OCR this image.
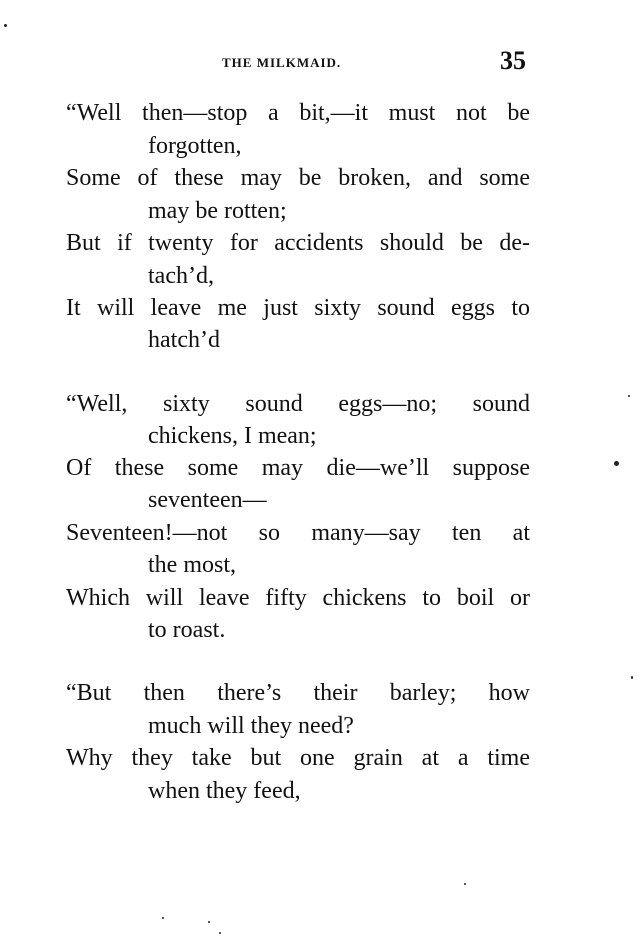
THE MILKMAID.	35
“Well then—stop a bit,—it must not be
forgotten,
Some of these may be broken, and some
may be rotten;
But if twenty for accidents should be de-
tach’d,
It will leave me just sixty sound eggs to
hatch’d
“Well, sixty sound eggs—no; sound
chickens, I mean;
Of these some may die—we’ll suppose
seventeen—
Seventeen!—not so many—say ten at
the most,
Which will leave fifty chickens to boil or
to roast.
“But then there’s their barley; how
much will they need?
Why they take but one grain at a time
when they feed,
